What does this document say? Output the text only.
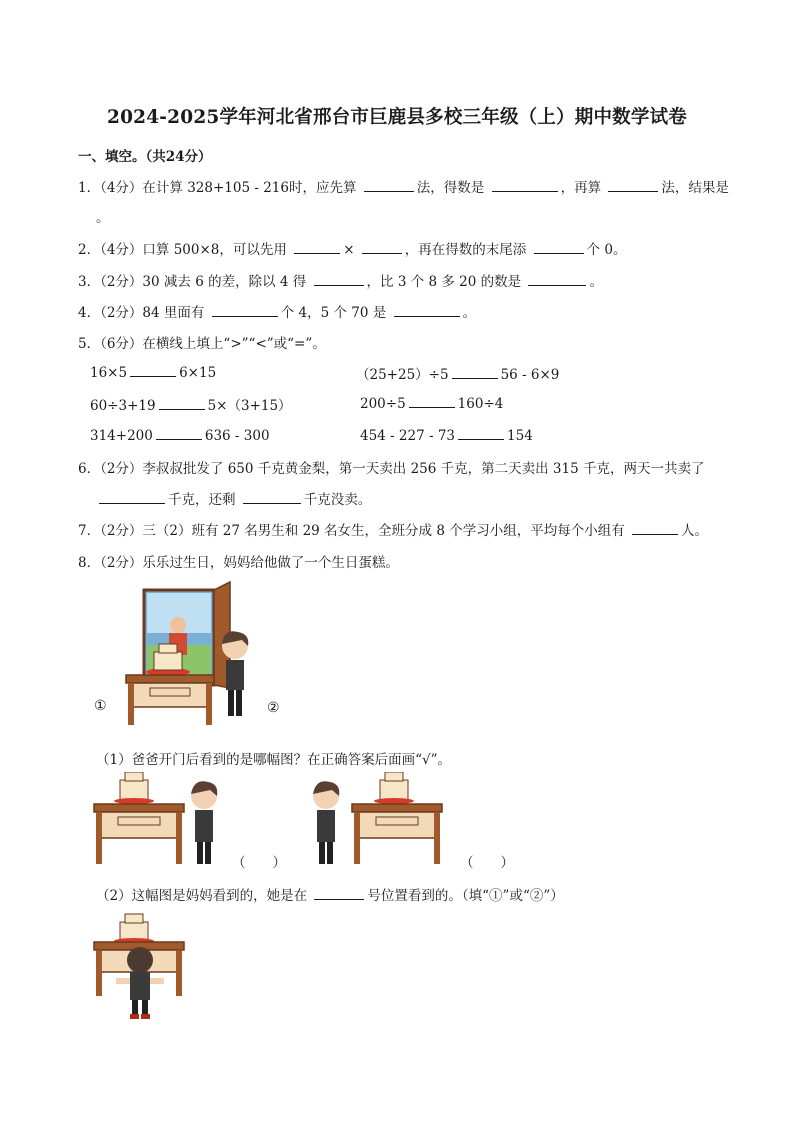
2024-2025学年河北省邢台市巨鹿县多校三年级（上）期中数学试卷
一、填空。（共24分）
1．（4分）在计算 328+105 - 216时，应先算	法，得数是	，再算	法，结果是
。
2．（4分）口算 500×8，可以先用	×	，再在得数的末尾添	个 0。
3．（2分）30 减去 6 的差，除以 4 得	，比 3 个 8 多 20 的数是	。
4．（2分）84 里面有	个 4，5 个 70 是	。
5．（6分）在横线上填上“>”“<”或“=”。
16×5	6×15	（25+25）÷5	56 - 6×9
60÷3+19	5×（3+15）	200÷5	160÷4
314+200	636 - 300	454 - 227 - 73	154
6．（2分）李叔叔批发了 650 千克黄金梨，第一天卖出 256 千克，第二天卖出 315 千克，两天一共卖了
千克，还剩	千克没卖。
7．（2分）三（2）班有 27 名男生和 29 名女生，全班分成 8 个学习小组，平均每个小组有	人。
8．（2分）乐乐过生日，妈妈给他做了一个生日蛋糕。
①	②
（1）爸爸开门后看到的是哪幅图？在正确答案后面画“√”。
（　　）	（　　）
（2）这幅图是妈妈看到的，她是在	号位置看到的。（填“①”或“②”）
